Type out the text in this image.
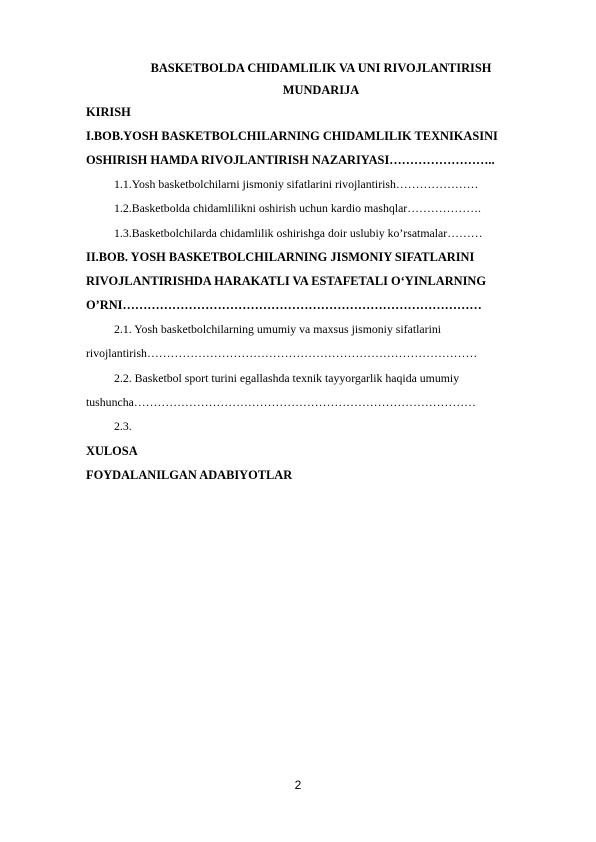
BASKETBOLDA CHIDAMLILIK VA UNI RIVOJLANTIRISH
MUNDARIJA
KIRISH
I.BOB.YOSH BASKETBOLCHILARNING CHIDAMLILIK TEXNIKASINI
OSHIRISH HAMDA RIVOJLANTIRISH NAZARIYASI……………………..
1.1.Yosh basketbolchilarni jismoniy sifatlarini rivojlantirish…………………
1.2.Basketbolda chidamlilikni oshirish uchun kardio mashqlar……………….
1.3.Basketbolchilarda chidamlilik oshirishga doir uslubiy ko’rsatmalar………
II.BOB. YOSH BASKETBOLCHILARNING JISMONIY SIFATLARINI
RIVOJLANTIRISHDA HARAKATLI VA ESTAFETALI O‘YINLARNING
O’RNI……………………………………………………………………………
2.1. Yosh basketbolchilarning umumiy va maxsus jismoniy sifatlarini
rivojlantirish…………………………………………………………………………
2.2. Basketbol sport turini egallashda texnik tayyorgarlik haqida umumiy
tushuncha……………………………………………………………………………
2.3.
XULOSA
FOYDALANILGAN ADABIYOTLAR
2
